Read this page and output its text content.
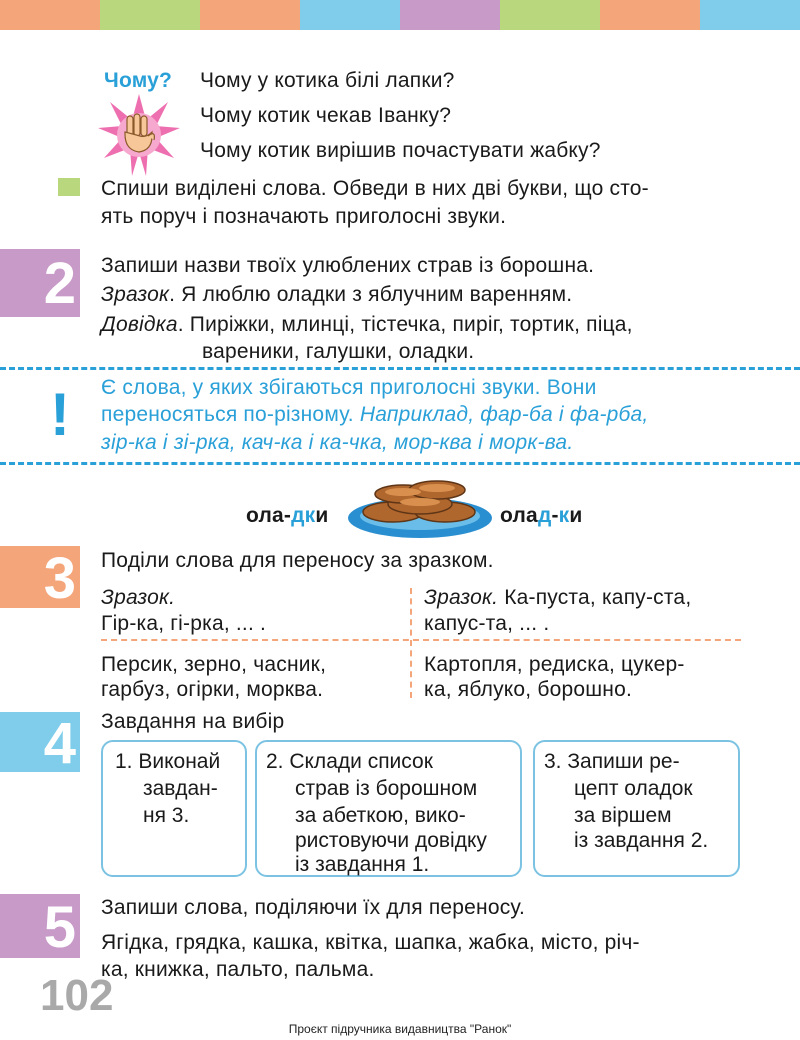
Чому? Чому у котика білі лапки?
Чому котик чекав Іванку?
Чому котик вирішив почастувати жабку?
Спиши виділені слова. Обведи в них дві букви, що сто-
ять поруч і позначають приголосні звуки.
2 Запиши назви твоїх улюблених страв із борошна.
Зразок. Я люблю оладки з яблучним варенням.
Довідка. Пиріжки, млинці, тістечка, пиріг, тортик, піца,
вареники, галушки, оладки.
! Є слова, у яких збігаються приголосні звуки. Вони
переносяться по-різному. Наприклад, фар-ба і фа-рба,
зір-ка і зі-рка, кач-ка і ка-чка, мор-ква і морк-ва.
ола-дки	олaд-ки
3 Поділи слова для переносу за зразком.
Зразок.
Гір-ка, гі-рка, ... .
Зразок. Ка-пуста, капу-ста,
капус-та, ... .
Персик, зерно, часник,
гарбуз, огірки, морква.
Картопля, редиска, цукер-
ка, яблуко, борошно.
4 Завдання на вибір
1. Виконай
завдан-
ня 3.
2. Склади список
страв із борошном
за абеткою, вико-
ристовуючи довідку
із завдання 1.
3. Запиши ре-
цепт оладок
за віршем
із завдання 2.
5 Запиши слова, поділяючи їх для переносу.
Ягідка, грядка, кашка, квітка, шапка, жабка, місто, річ-
ка, книжка, пальто, пальма.
102
Проєкт підручника видавництва "Ранок"
